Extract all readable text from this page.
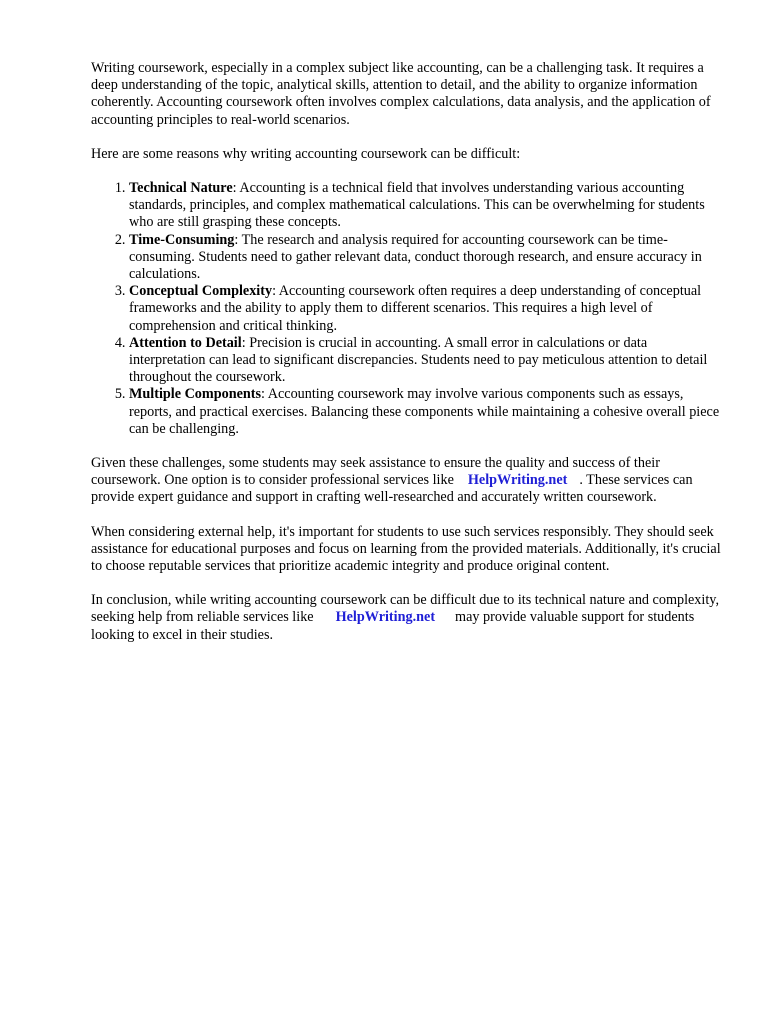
Writing coursework, especially in a complex subject like accounting, can be a challenging task. It requires a deep understanding of the topic, analytical skills, attention to detail, and the ability to organize information coherently. Accounting coursework often involves complex calculations, data analysis, and the application of accounting principles to real-world scenarios.

Here are some reasons why writing accounting coursework can be difficult:

1. Technical Nature: Accounting is a technical field that involves understanding various accounting standards, principles, and complex mathematical calculations. This can be overwhelming for students who are still grasping these concepts.
2. Time-Consuming: The research and analysis required for accounting coursework can be time-consuming. Students need to gather relevant data, conduct thorough research, and ensure accuracy in calculations.
3. Conceptual Complexity: Accounting coursework often requires a deep understanding of conceptual frameworks and the ability to apply them to different scenarios. This requires a high level of comprehension and critical thinking.
4. Attention to Detail: Precision is crucial in accounting. A small error in calculations or data interpretation can lead to significant discrepancies. Students need to pay meticulous attention to detail throughout the coursework.
5. Multiple Components: Accounting coursework may involve various components such as essays, reports, and practical exercises. Balancing these components while maintaining a cohesive overall piece can be challenging.

Given these challenges, some students may seek assistance to ensure the quality and success of their coursework. One option is to consider professional services like HelpWriting.net . These services can provide expert guidance and support in crafting well-researched and accurately written coursework.

When considering external help, it's important for students to use such services responsibly. They should seek assistance for educational purposes and focus on learning from the provided materials. Additionally, it's crucial to choose reputable services that prioritize academic integrity and produce original content.

In conclusion, while writing accounting coursework can be difficult due to its technical nature and complexity, seeking help from reliable services like HelpWriting.net may provide valuable support for students looking to excel in their studies.
